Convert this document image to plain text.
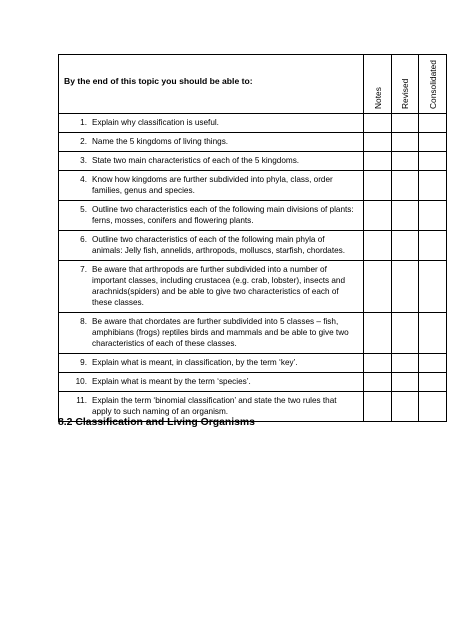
By the end of this topic you should be able to:	Notes	Revised	Consolidated

1. Explain why classification is useful.			

2. Name the 5 kingdoms of living things.			

3. State two main characteristics of each of the 5 kingdoms.			

4. Know how kingdoms are further subdivided into phyla, class, order families, genus and species.			

5. Outline two characteristics each of the following main divisions of plants: ferns, mosses, conifers and flowering plants.			

6. Outline two characteristics of each of the following main phyla of animals: Jelly fish, annelids, arthropods, molluscs, starfish, chordates.			

7. Be aware that arthropods are further subdivided into a number of important classes, including crustacea (e.g. crab, lobster), insects and arachnids(spiders) and be able to give two characteristics of each of these classes.			

8. Be aware that chordates are further subdivided into 5 classes – fish, amphibians (frogs) reptiles birds and mammals and be able to give two characteristics of each of these classes.			

9. Explain what is meant, in classification, by the term ‘key’.			

10. Explain what is meant by the term ‘species’.			

11. Explain the term ‘binomial classification’ and state the two rules that apply to such naming of an organism.			

8.2 Classification and Living Organisms
